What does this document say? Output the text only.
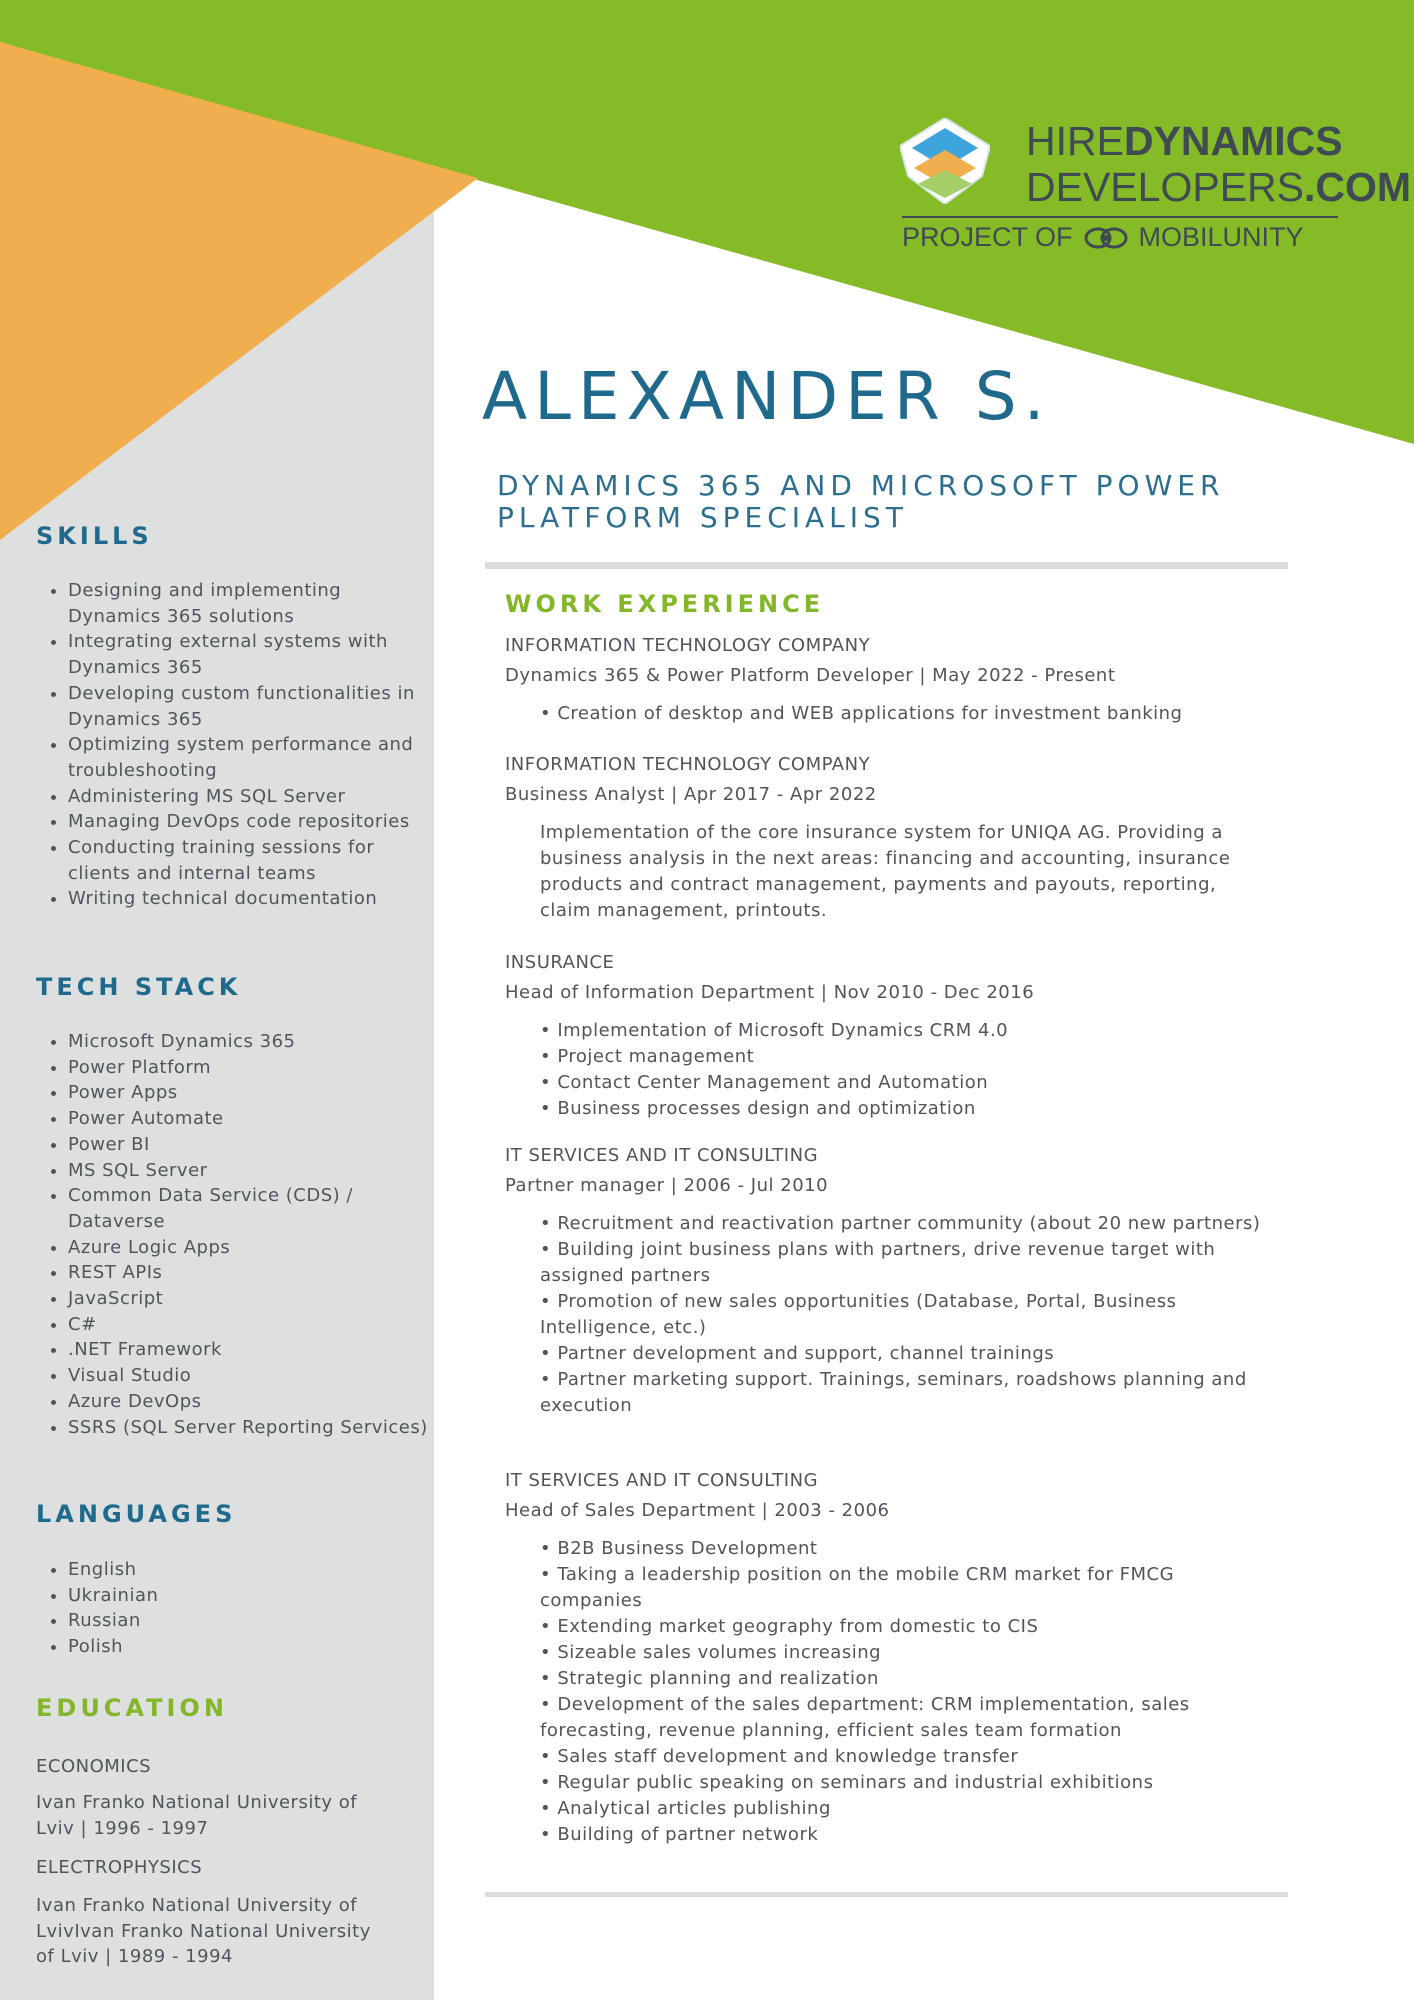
HIREDYNAMICS
DEVELOPERS.COM
PROJECT OF MOBILUNITY
ALEXANDER S.
DYNAMICS 365 AND MICROSOFT POWER PLATFORM SPECIALIST
SKILLS
• Designing and implementing Dynamics 365 solutions
• Integrating external systems with Dynamics 365
• Developing custom functionalities in Dynamics 365
• Optimizing system performance and troubleshooting
• Administering MS SQL Server
• Managing DevOps code repositories
• Conducting training sessions for clients and internal teams
• Writing technical documentation
TECH STACK
• Microsoft Dynamics 365
• Power Platform
• Power Apps
• Power Automate
• Power BI
• MS SQL Server
• Common Data Service (CDS) / Dataverse
• Azure Logic Apps
• REST APIs
• JavaScript
• C#
• .NET Framework
• Visual Studio
• Azure DevOps
• SSRS (SQL Server Reporting Services)
LANGUAGES
• English
• Ukrainian
• Russian
• Polish
EDUCATION
ECONOMICS
Ivan Franko National University of Lviv | 1996 - 1997
ELECTROPHYSICS
Ivan Franko National University of LvivIvan Franko National University of Lviv | 1989 - 1994
WORK EXPERIENCE
INFORMATION TECHNOLOGY COMPANY
Dynamics 365 & Power Platform Developer | May 2022 - Present
• Creation of desktop and WEB applications for investment banking
INFORMATION TECHNOLOGY COMPANY
Business Analyst | Apr 2017 - Apr 2022
Implementation of the core insurance system for UNIQA AG. Providing a business analysis in the next areas: financing and accounting, insurance products and contract management, payments and payouts, reporting, claim management, printouts.
INSURANCE
Head of Information Department | Nov 2010 - Dec 2016
• Implementation of Microsoft Dynamics CRM 4.0
• Project management
• Contact Center Management and Automation
• Business processes design and optimization
IT SERVICES AND IT CONSULTING
Partner manager | 2006 - Jul 2010
• Recruitment and reactivation partner community (about 20 new partners)
• Building joint business plans with partners, drive revenue target with assigned partners
• Promotion of new sales opportunities (Database, Portal, Business Intelligence, etc.)
• Partner development and support, channel trainings
• Partner marketing support. Trainings, seminars, roadshows planning and execution
IT SERVICES AND IT CONSULTING
Head of Sales Department | 2003 - 2006
• B2B Business Development
• Taking a leadership position on the mobile CRM market for FMCG companies
• Extending market geography from domestic to CIS
• Sizeable sales volumes increasing
• Strategic planning and realization
• Development of the sales department: CRM implementation, sales forecasting, revenue planning, efficient sales team formation
• Sales staff development and knowledge transfer
• Regular public speaking on seminars and industrial exhibitions
• Analytical articles publishing
• Building of partner network
